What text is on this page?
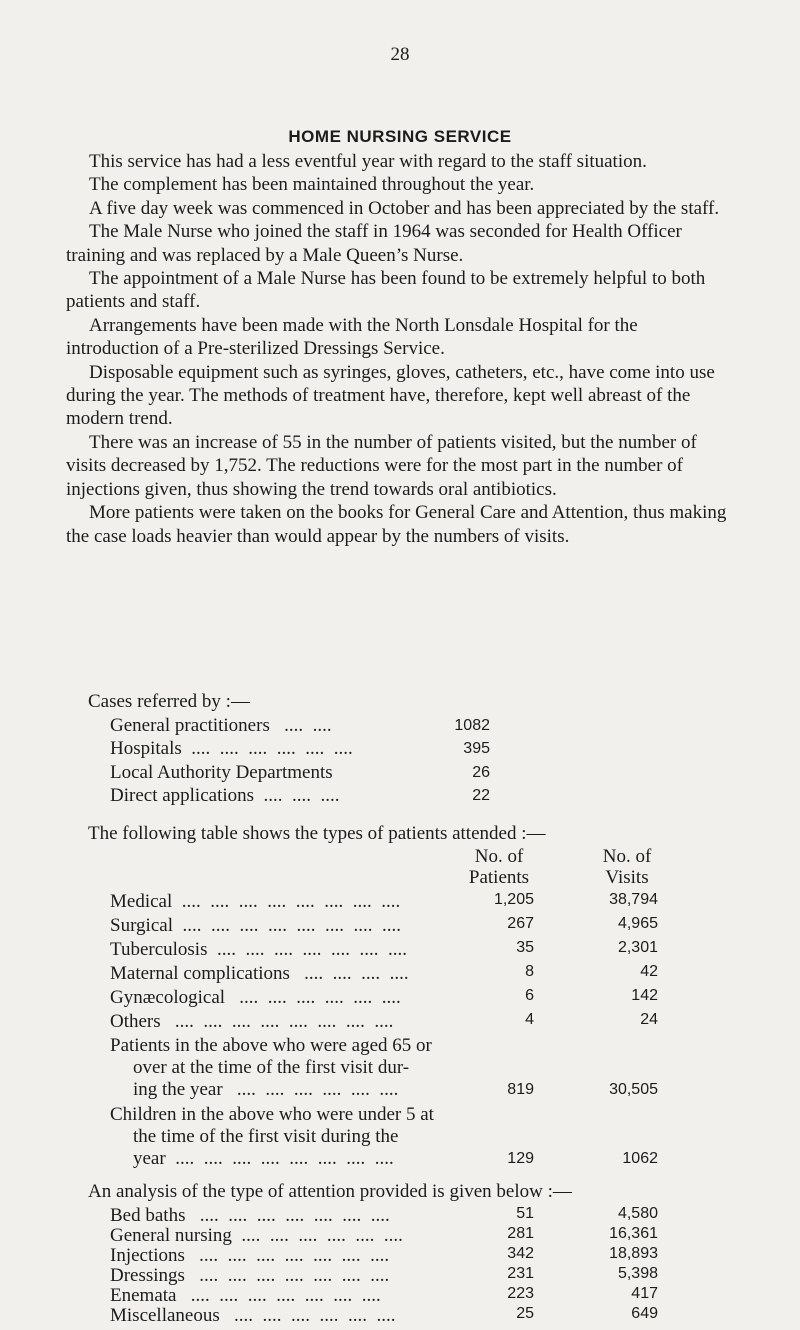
28
HOME NURSING SERVICE

This service has had a less eventful year with regard to the staff situation.

The complement has been maintained throughout the year.

A five day week was commenced in October and has been appreciated by the staff.

The Male Nurse who joined the staff in 1964 was seconded for Health Officer training and was replaced by a Male Queen’s Nurse.

The appointment of a Male Nurse has been found to be extremely helpful to both patients and staff.

Arrangements have been made with the North Lonsdale Hospital for the introduction of a Pre-sterilized Dressings Service.

Disposable equipment such as syringes, gloves, catheters, etc., have come into use during the year. The methods of treatment have, therefore, kept well abreast of the modern trend.

There was an increase of 55 in the number of patients visited, but the number of visits decreased by 1,752. The reductions were for the most part in the number of injections given, thus showing the trend towards oral antibiotics.

More patients were taken on the books for General Care and Attention, thus making the case loads heavier than would appear by the numbers of visits.

Cases referred by :—

General practitioners   ....  ....	1082
Hospitals  ....  ....  ....  ....  ....  ....	395
Local Authority Departments	26
Direct applications  ....  ....  ....	22
The following table shows the types of patients attended :—
No. of
Patients
No. of
Visits
Medical  ....  ....  ....  ....  ....  ....  ....  ....	1,205	38,794
Surgical  ....  ....  ....  ....  ....  ....  ....  ....	267	4,965
Tuberculosis  ....  ....  ....  ....  ....  ....  ....	35	2,301
Maternal complications   ....  ....  ....  ....	8	42
Gynæcological   ....  ....  ....  ....  ....  ....	6	142
Others   ....  ....  ....  ....  ....  ....  ....  ....	4	24
Patients in the above who were aged 65 or
over at the time of the first visit dur-
ing the year   ....  ....  ....  ....  ....  ....	819	30,505
Children in the above who were under 5 at
the time of the first visit during the
year  ....  ....  ....  ....  ....  ....  ....  ....	129	1062
An analysis of the type of attention provided is given below :—
Bed baths   ....  ....  ....  ....  ....  ....  ....	51	4,580
General nursing  ....  ....  ....  ....  ....  ....	281	16,361
Injections   ....  ....  ....  ....  ....  ....  ....	342	18,893
Dressings   ....  ....  ....  ....  ....  ....  ....	231	5,398
Enemata   ....  ....  ....  ....  ....  ....  ....	223	417
Miscellaneous   ....  ....  ....  ....  ....  ....	25	649
